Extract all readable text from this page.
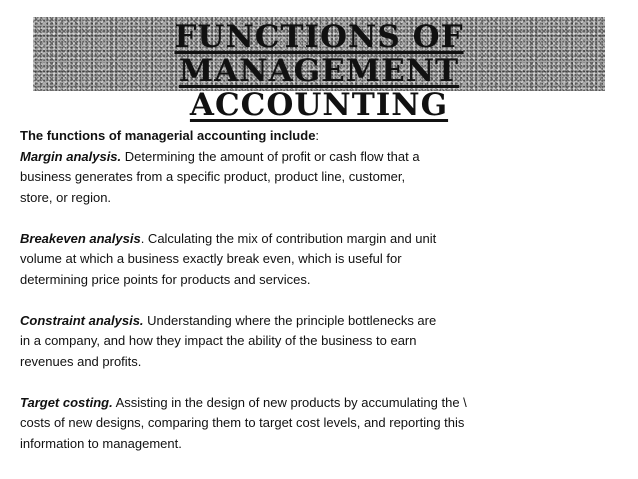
FUNCTIONS OF MANAGEMENT
ACCOUNTING

The functions of managerial accounting include:

Margin analysis. Determining the amount of profit or cash flow that a
business generates from a specific product, product line, customer,
store, or region.

Breakeven analysis. Calculating the mix of contribution margin and unit
volume at which a business exactly break even, which is useful for
determining price points for products and services.

Constraint analysis. Understanding where the principle bottlenecks are
in a company, and how they impact the ability of the business to earn
revenues and profits.

Target costing. Assisting in the design of new products by accumulating the \
costs of new designs, comparing them to target cost levels, and reporting this
information to management.
